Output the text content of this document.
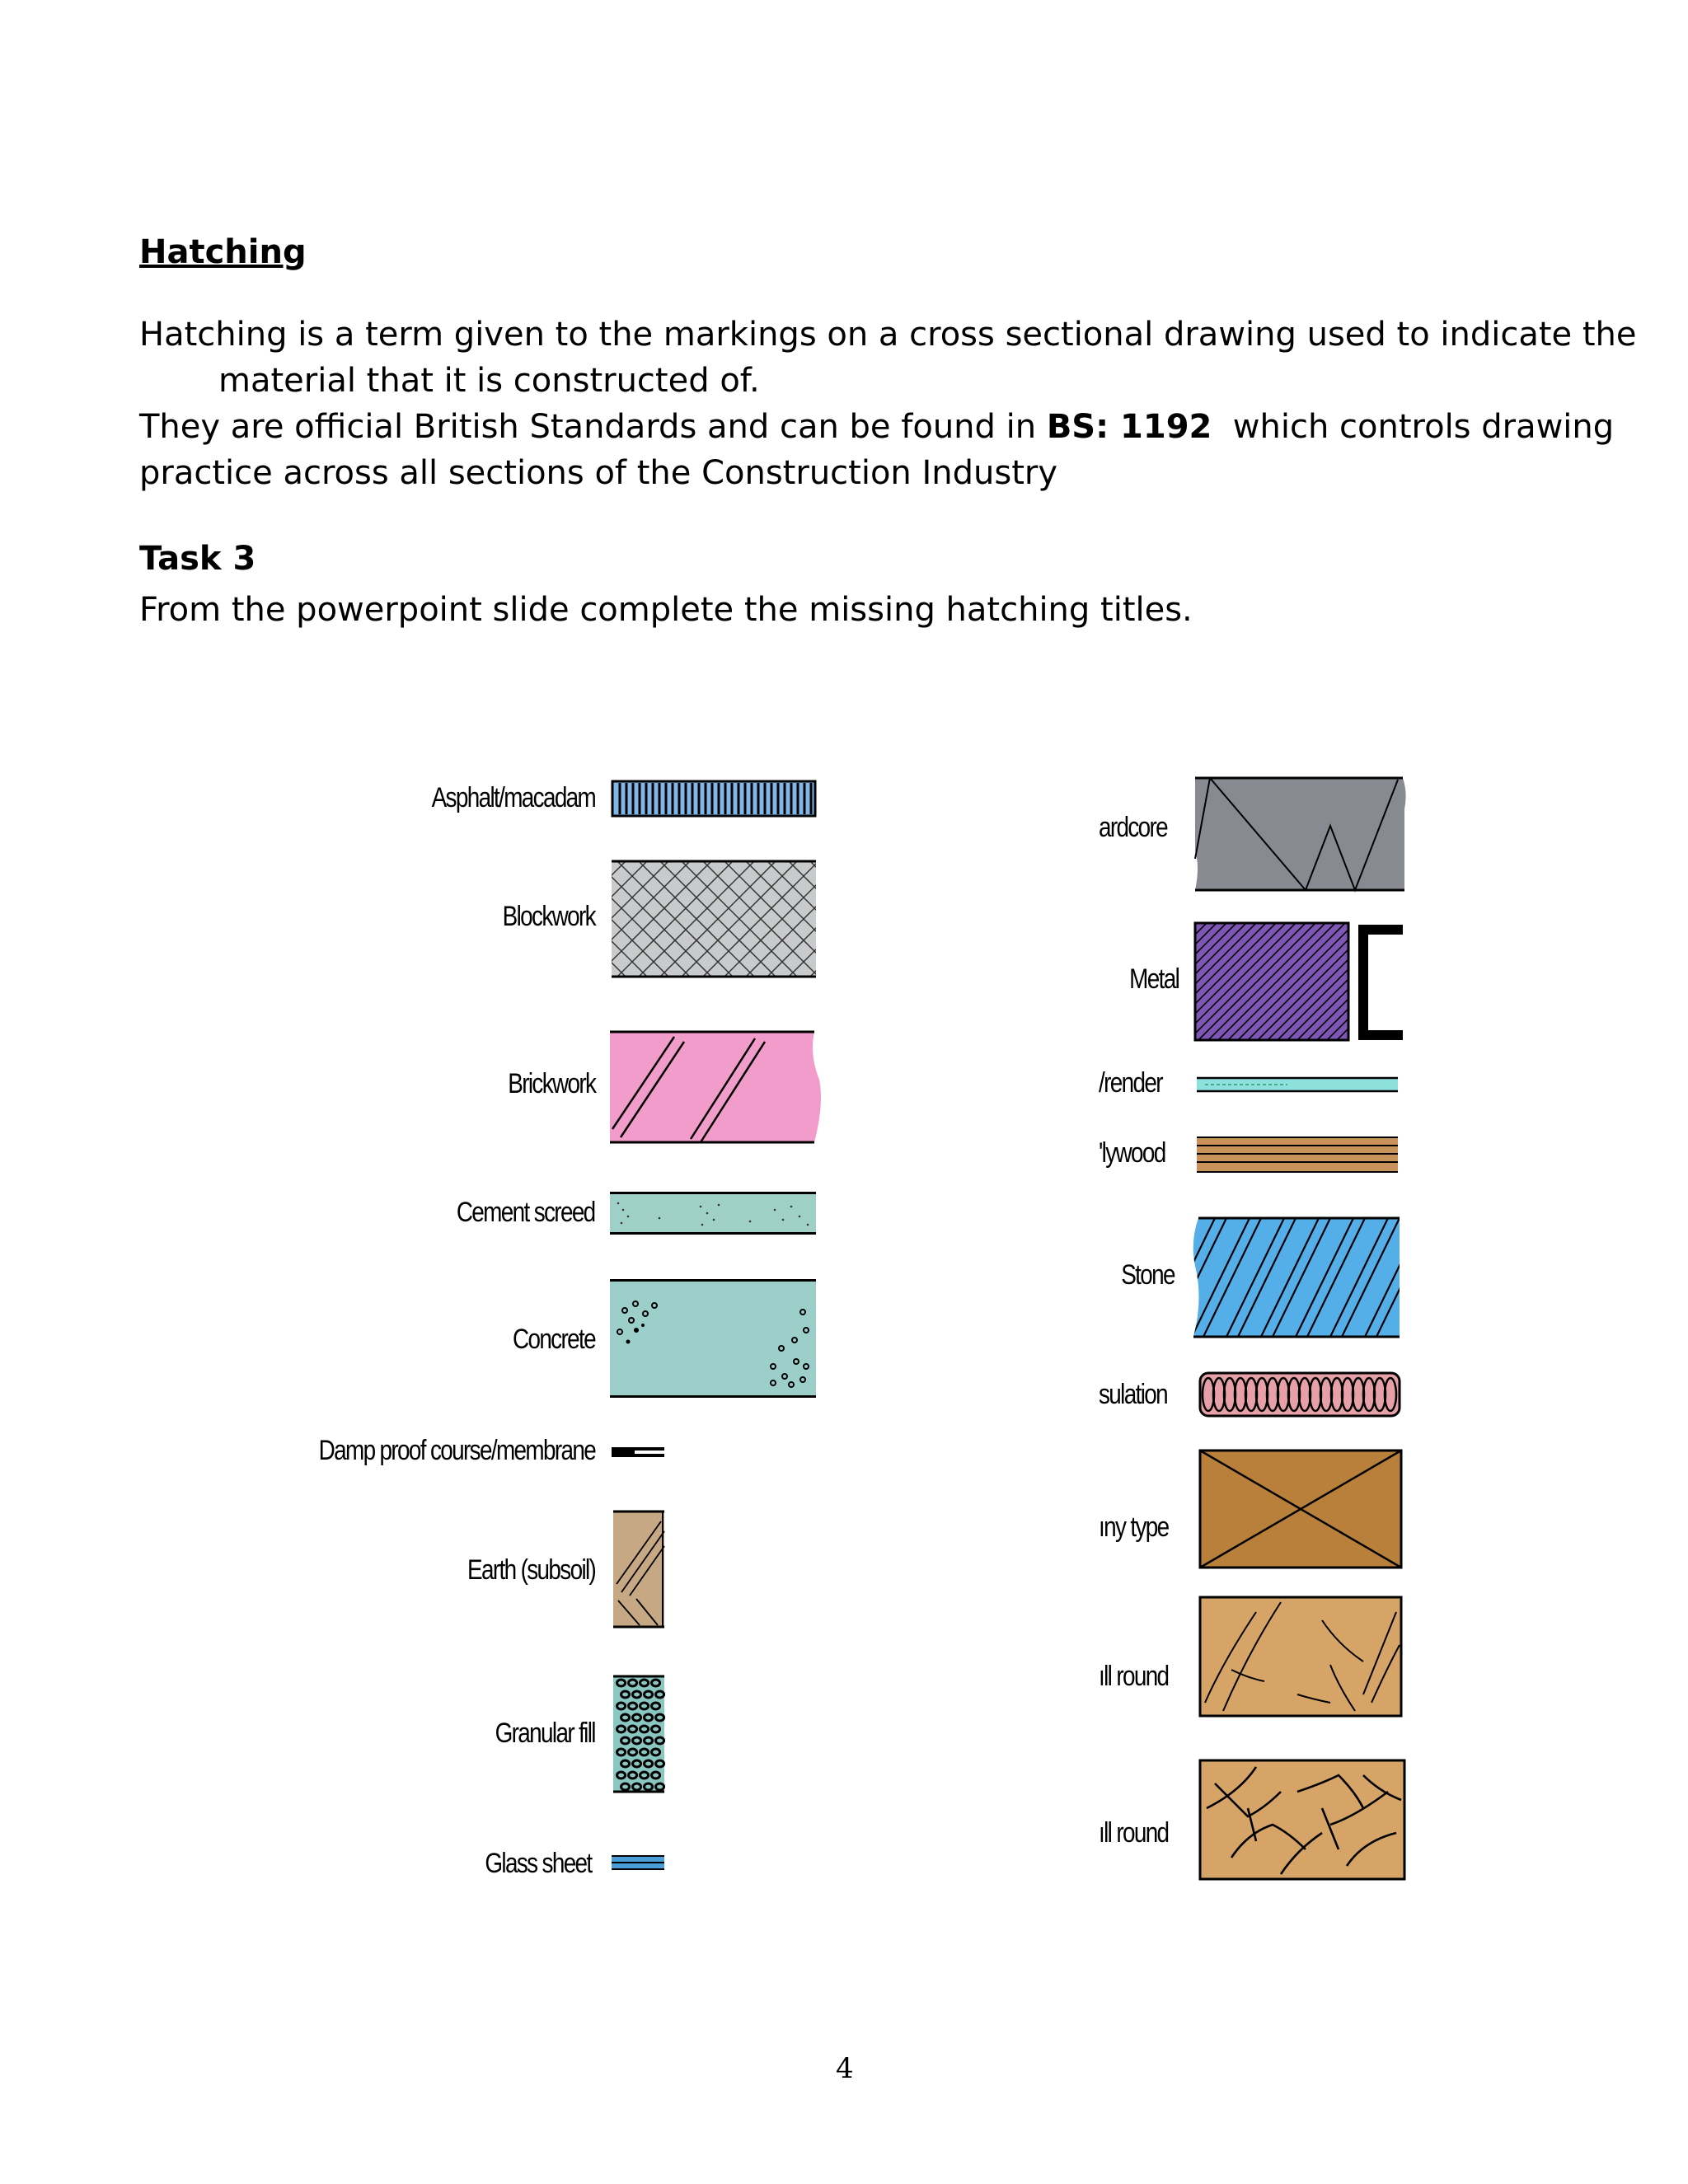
Hatching
Hatching is a term given to the markings on a cross sectional drawing used to indicate the
material that it is constructed of.
They are official British Standards and can be found in BS: 1192  which controls drawing
practice across all sections of the Construction Industry
Task 3
From the powerpoint slide complete the missing hatching titles.
Asphalt/macadam
Blockwork
Brickwork
Cement screed
Concrete
Damp proof course/membrane
Earth (subsoil)
Granular fill
Glass sheet
ardcore
Metal
/render
'lywood
Stone
sulation
ıny type
ıll round
ıll round
4
